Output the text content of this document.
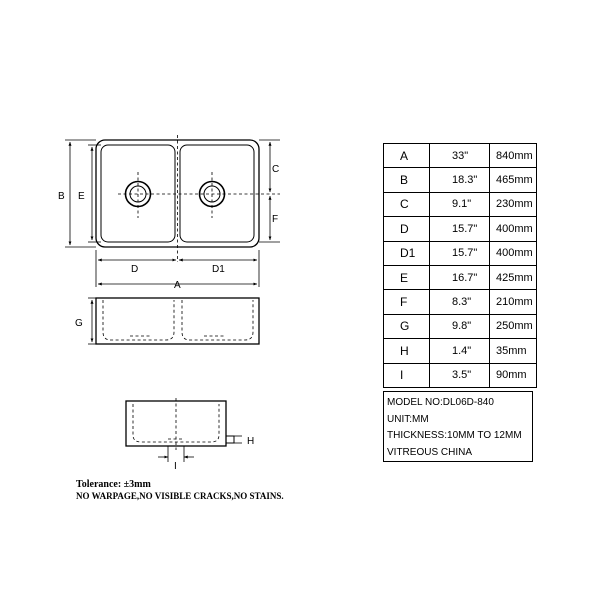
B E
C
F
D	D1
A
G
H
I
A	33"	840mm
B	18.3"	465mm
C	9.1"	230mm
D	15.7"	400mm
D1	15.7"	400mm
E	16.7"	425mm
F	8.3"	210mm
G	9.8"	250mm
H	1.4"	35mm
I	3.5"	90mm
MODEL NO:DL06D-840
UNIT:MM
THICKNESS:10MM TO 12MM
VITREOUS CHINA
Tolerance: ±3mm
NO WARPAGE,NO VISIBLE CRACKS,NO STAINS.
